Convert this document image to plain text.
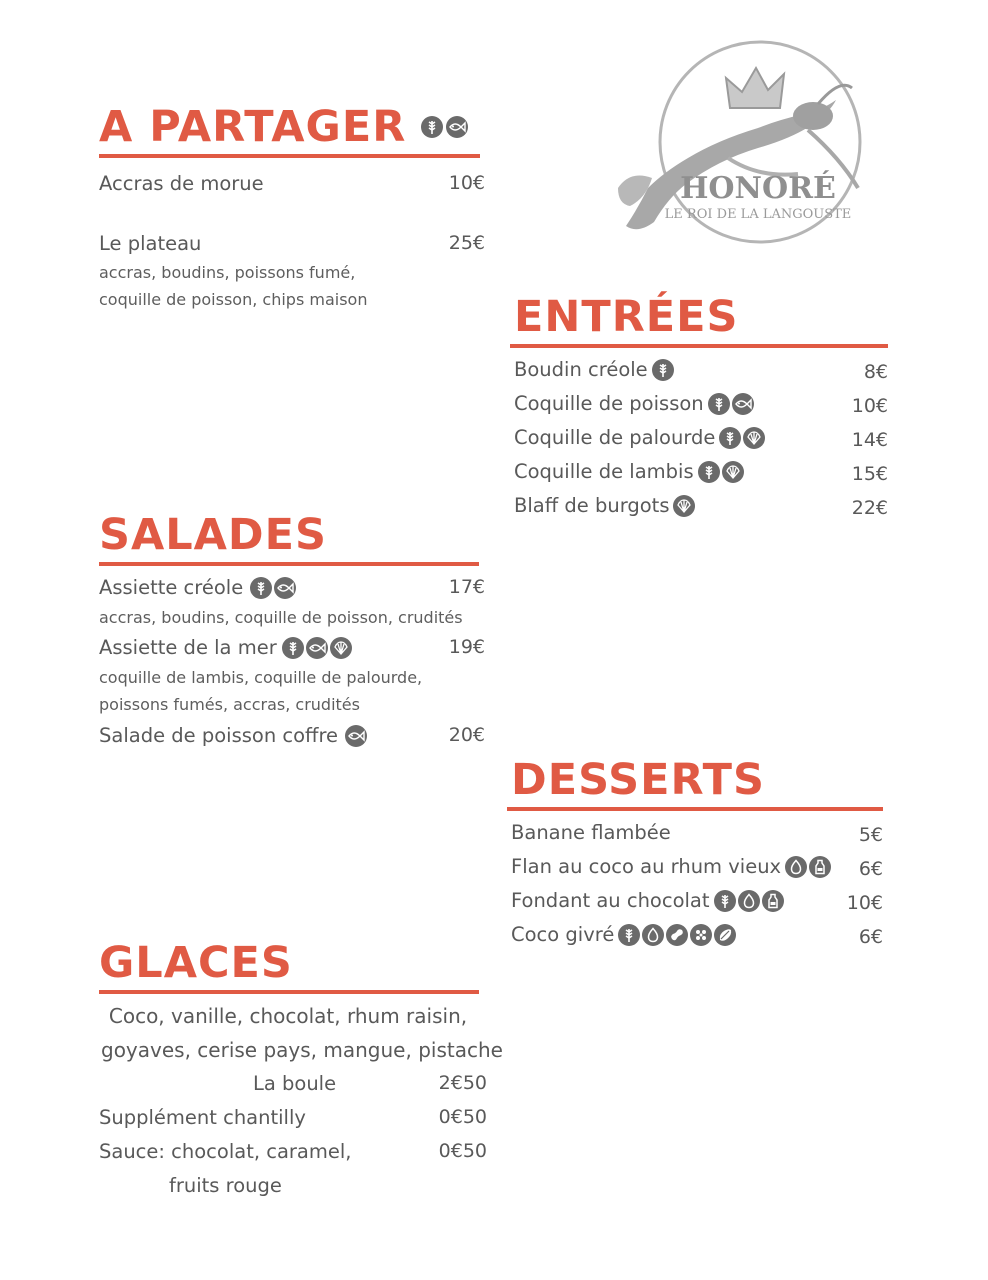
HONORÉ
LE ROI DE LA LANGOUSTE
A PARTAGER
Accras de morue	10€
Le plateau	25€
accras, boudins, poissons fumé,
coquille de poisson, chips maison	ENTRÉES
Boudin créole	8€
Coquille de poisson	10€
Coquille de palourde	14€
Coquille de lambis	15€
Blaff de burgots	22€
SALADES
Assiette créole	17€
accras, boudins, coquille de poisson, crudités
Assiette de la mer	19€
coquille de lambis, coquille de palourde,
poissons fumés, accras, crudités
Salade de poisson coffre	20€
DESSERTS
Banane flambée	5€
Flan au coco au rhum vieux	6€
Fondant au chocolat	10€
Coco givré	6€
GLACES
Coco, vanille, chocolat, rhum raisin,
goyaves, cerise pays, mangue, pistache
La boule	2€50
Supplément chantilly	0€50
Sauce: chocolat, caramel,	0€50
fruits rouge
